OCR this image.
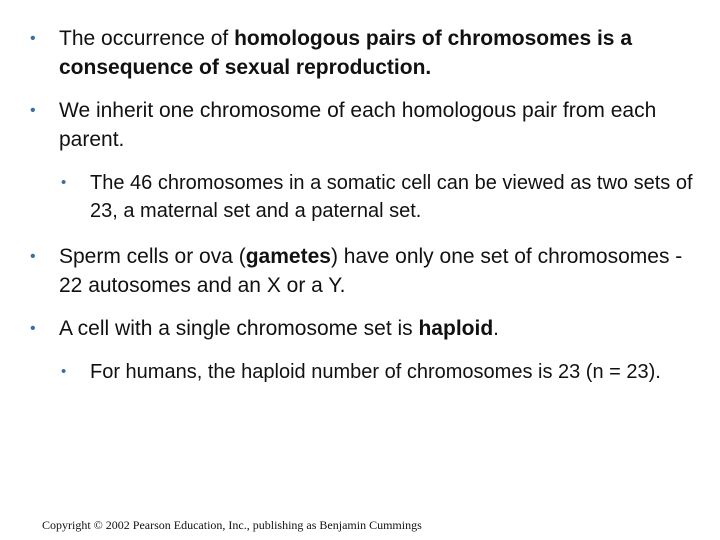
• The occurrence of homologous pairs of chromosomes is a consequence of sexual reproduction.
• We inherit one chromosome of each homologous pair from each parent.
• The 46 chromosomes in a somatic cell can be viewed as two sets of 23, a maternal set and a paternal set.
• Sperm cells or ova (gametes) have only one set of chromosomes - 22 autosomes and an X or a Y.
• A cell with a single chromosome set is haploid.
• For humans, the haploid number of chromosomes is 23 (n = 23).
Copyright © 2002 Pearson Education, Inc., publishing as Benjamin Cummings
